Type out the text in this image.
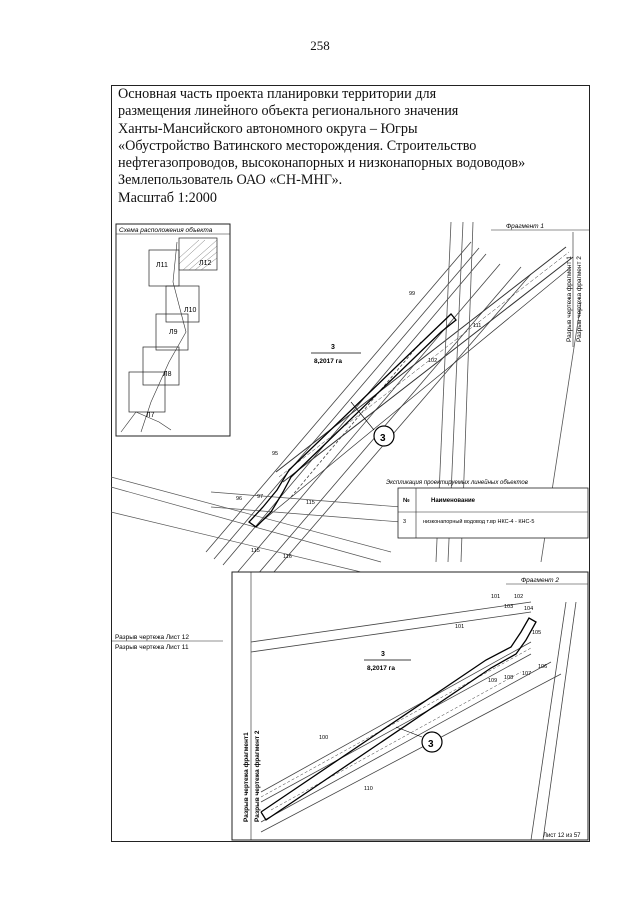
258
Основная часть проекта планировки территории для
размещения линейного объекта регионального значения
Ханты-Мансийского автономного округа – Югры
«Обустройство Ватинского месторождения. Строительство
нефтегазопроводов, высоконапорных и низконапорных водоводов»
Землепользователь ОАО «СН-МНГ».
Масштаб 1:2000
Схема расположения объекта
Л11	Л12
Л10
Л9
Л8
Л7
Фрагмент 1
Разрыв чертежа фрагмент 1 Разрыв чертежа фрагмент 2
99
111
102
95
96	97
115
115
116
3
8,2017 га
3
Экспликация проектируемых линейных объектов
№	Наименование
3	низконапорный водовод т.вр НКС-4 - КНС-5
Разрыв чертежа Лист 12
Разрыв чертежа Лист 11
Фрагмент 2
Разрыв чертежа фрагмент1 Разрыв чертежа фрагмент 2
101	102
103 104
105
109 108
107
106
100
110
101
3
8,2017 га
3
Лист 12 из 57
